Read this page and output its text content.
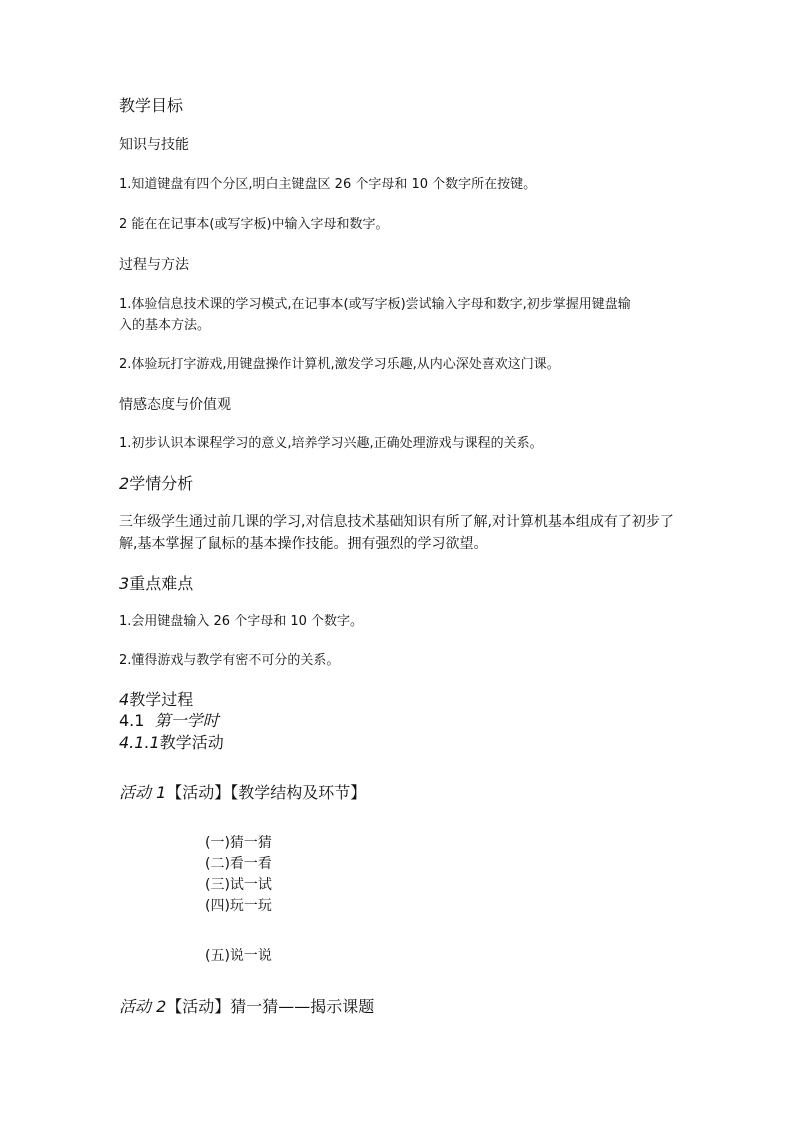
教学目标
知识与技能
1.知道键盘有四个分区,明白主键盘区 26 个字母和 10 个数字所在按键。
2 能在在记事本(或写字板)中输入字母和数字。
过程与方法
1.体验信息技术课的学习模式,在记事本(或写字板)尝试输入字母和数字,初步掌握用键盘输
入的基本方法。
2.体验玩打字游戏,用键盘操作计算机,激发学习乐趣,从内心深处喜欢这门课。
情感态度与价值观
1.初步认识本课程学习的意义,培养学习兴趣,正确处理游戏与课程的关系。
2学情分析
三年级学生通过前几课的学习,对信息技术基础知识有所了解,对计算机基本组成有了初步了
解,基本掌握了鼠标的基本操作技能。拥有强烈的学习欲望。
3重点难点
1.会用键盘输入 26 个字母和 10 个数字。
2.懂得游戏与教学有密不可分的关系。
4教学过程
4.1 第一学时
4.1.1教学活动
活动 1【活动】【教学结构及环节】
(一)猜一猜
(二)看一看
(三)试一试
(四)玩一玩
(五)说一说
活动 2【活动】猜一猜——揭示课题
